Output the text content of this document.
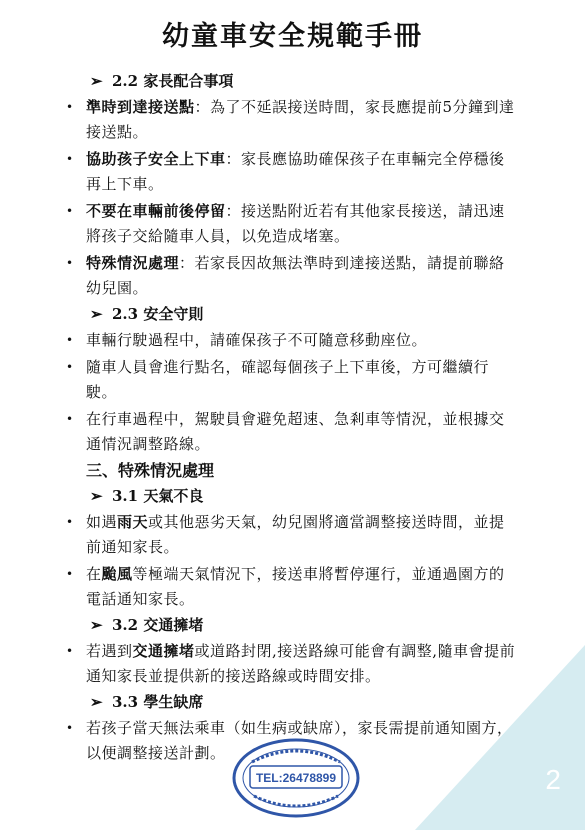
幼童車安全規範手冊
➢ 2.2 家長配合事項
• 準時到達接送點：為了不延誤接送時間，家長應提前5分鐘到達接送點。
• 協助孩子安全上下車：家長應協助確保孩子在車輛完全停穩後再上下車。
• 不要在車輛前後停留：接送點附近若有其他家長接送，請迅速將孩子交給隨車人員，以免造成堵塞。
• 特殊情況處理：若家長因故無法準時到達接送點，請提前聯絡幼兒園。
➢ 2.3 安全守則
• 車輛行駛過程中，請確保孩子不可隨意移動座位。
• 隨車人員會進行點名，確認每個孩子上下車後，方可繼續行駛。
• 在行車過程中，駕駛員會避免超速、急剎車等情況，並根據交通情況調整路線。
三、特殊情況處理
➢ 3.1 天氣不良
• 如遇雨天或其他惡劣天氣，幼兒園將適當調整接送時間，並提前通知家長。
• 在颱風等極端天氣情況下，接送車將暫停運行，並通過園方的電話通知家長。
➢ 3.2 交通擁堵
• 若遇到交通擁堵或道路封閉,接送路線可能會有調整,隨車會提前通知家長並提供新的接送路線或時間安排。
➢ 3.3 學生缺席
• 若孩子當天無法乘車（如生病或缺席），家長需提前通知園方，以便調整接送計劃。
2
TEL:26478899
